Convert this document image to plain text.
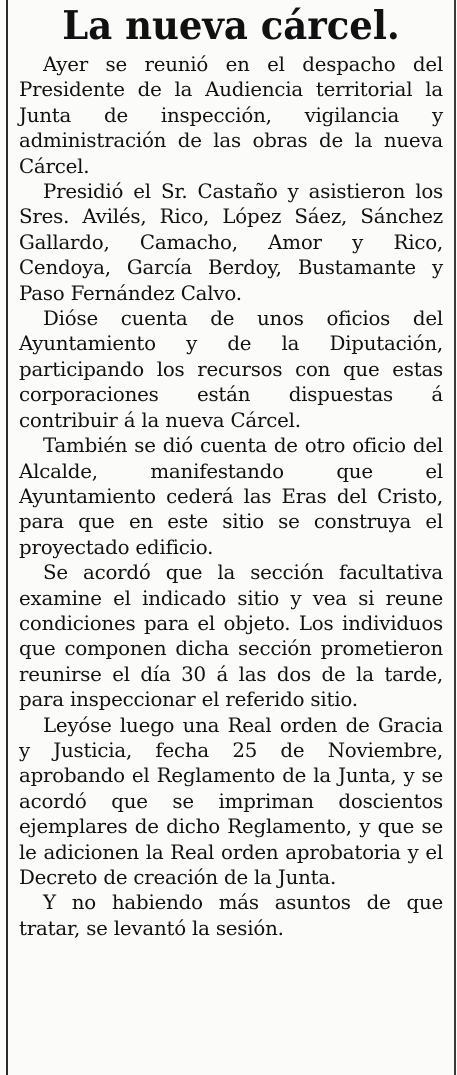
La nueva cárcel.

Ayer se reunió en el despacho del Presidente de la Audiencia territorial la Junta de inspección, vigilancia y administración de las obras de la nueva Cárcel.

Presidió el Sr. Castaño y asistieron los Sres. Avilés, Rico, López Sáez, Sánchez Gallardo, Camacho, Amor y Rico, Cendoya, García Berdoy, Bustamante y Paso Fernández Calvo.

Dióse cuenta de unos oficios del Ayuntamiento y de la Diputación, participando los recursos con que estas corporaciones están dispuestas á contribuir á la nueva Cárcel.

También se dió cuenta de otro oficio del Alcalde, manifestando que el Ayuntamiento cederá las Eras del Cristo, para que en este sitio se construya el proyectado edificio.

Se acordó que la sección facultativa examine el indicado sitio y vea si reune condiciones para el objeto. Los individuos que componen dicha sección prometieron reunirse el día 30 á las dos de la tarde, para inspeccionar el referido sitio.

Leyóse luego una Real orden de Gracia y Justicia, fecha 25 de Noviembre, aprobando el Reglamento de la Junta, y se acordó que se impriman doscientos ejemplares de dicho Reglamento, y que se le adicionen la Real orden aprobatoria y el Decreto de creación de la Junta.

Y no habiendo más asuntos de que tratar, se levantó la sesión.
